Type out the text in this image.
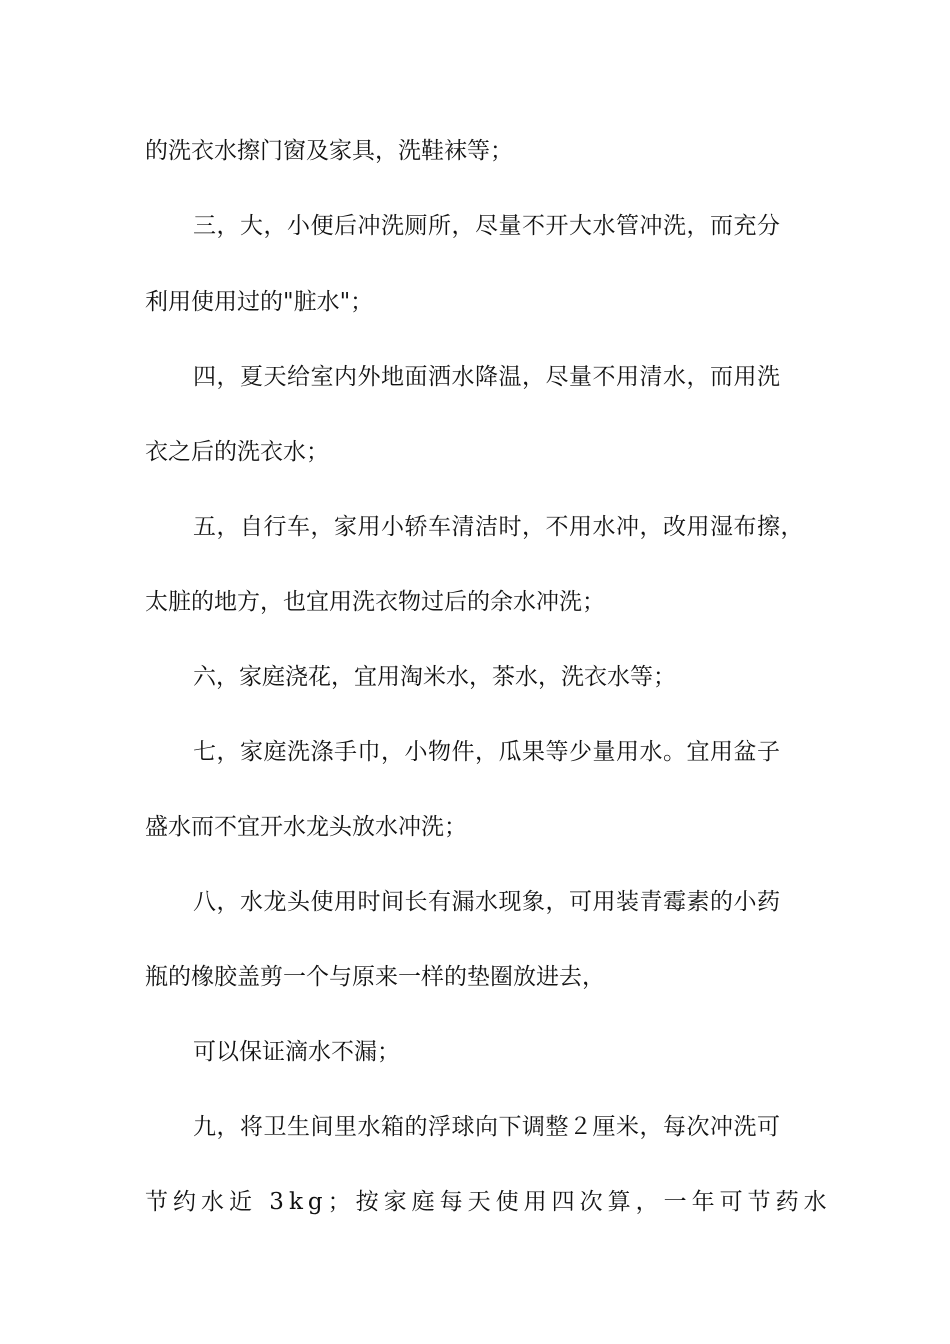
的洗衣水擦门窗及家具，洗鞋袜等；

三，大，小便后冲洗厕所，尽量不开大水管冲洗，而充分

利用使用过的"脏水"；

四，夏天给室内外地面洒水降温，尽量不用清水，而用洗

衣之后的洗衣水；

五，自行车，家用小轿车清洁时，不用水冲，改用湿布擦，

太脏的地方，也宜用洗衣物过后的余水冲洗；

六，家庭浇花，宜用淘米水，茶水，洗衣水等；

七，家庭洗涤手巾，小物件，瓜果等少量用水。宜用盆子

盛水而不宜开水龙头放水冲洗；

八，水龙头使用时间长有漏水现象，可用装青霉素的小药

瓶的橡胶盖剪一个与原来一样的垫圈放进去，

可以保证滴水不漏；

九，将卫生间里水箱的浮球向下调整２厘米，每次冲洗可

节约水近 3kg；按家庭每天使用四次算，一年可节药水
